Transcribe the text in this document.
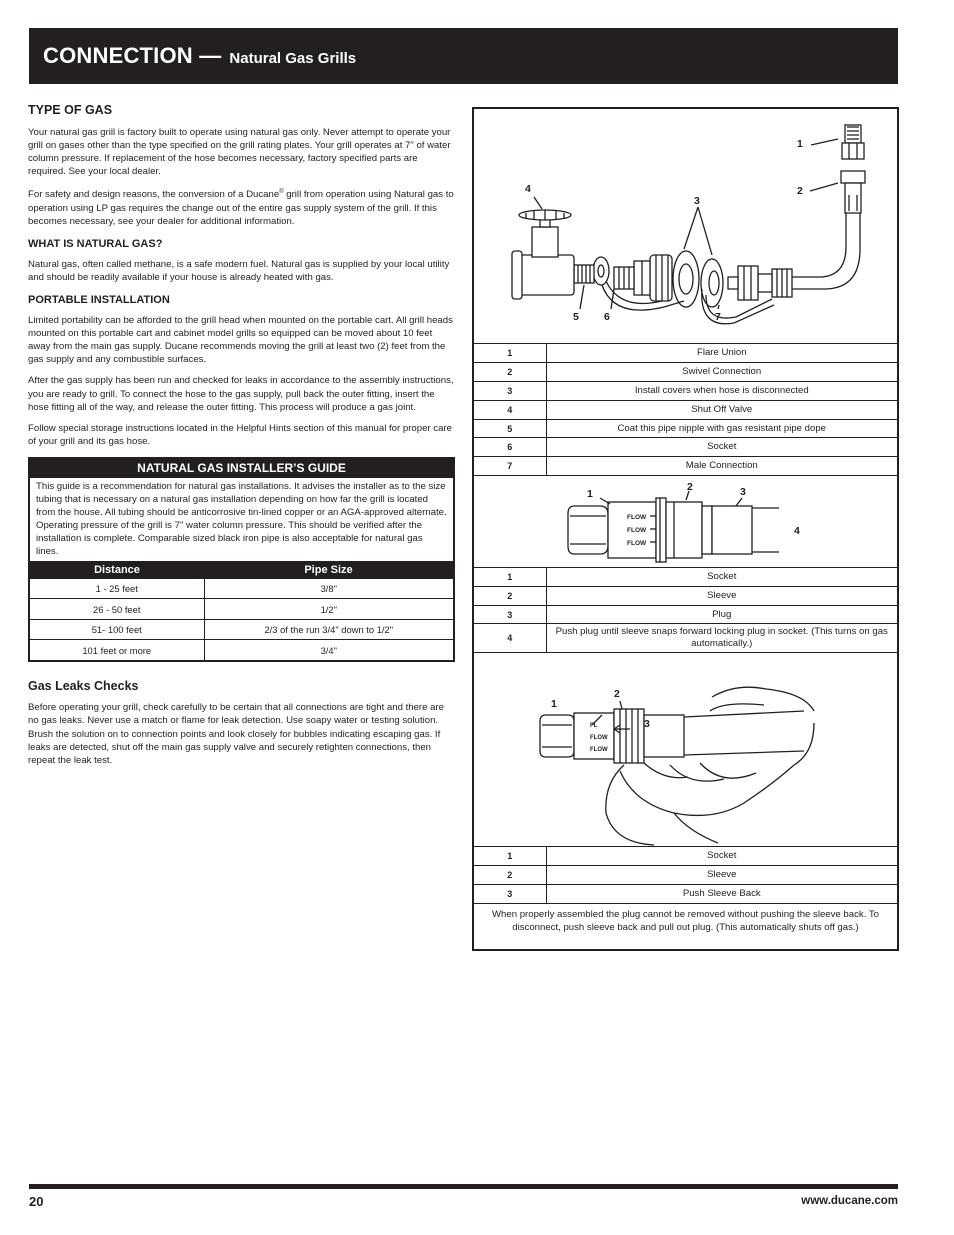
CONNECTION — Natural Gas Grills
TYPE OF GAS

Your natural gas grill is factory built to operate using natural gas only. Never attempt to operate your grill on gases other than the type specified on the grill rating plates. Your grill operates at 7" of water column pressure. If replacement of the hose becomes necessary, factory specified parts are required. See your local dealer.

For safety and design reasons, the conversion of a Ducane® grill from operation using Natural gas to operation using LP gas requires the change out of the entire gas supply system of the grill. If this becomes necessary, see your dealer for additional information.

WHAT IS NATURAL GAS?

Natural gas, often called methane, is a safe modern fuel. Natural gas is supplied by your local utility and should be readily available if your house is already heated with gas.

PORTABLE INSTALLATION

Limited portability can be afforded to the grill head when mounted on the portable cart. All grill heads mounted on this portable cart and cabinet model grills so equipped can be moved about 10 feet away from the main gas supply. Ducane recommends moving the grill at least two (2) feet from the gas supply and any combustible surfaces.

After the gas supply has been run and checked for leaks in accordance to the assembly instructions, you are ready to grill. To connect the hose to the gas supply, pull back the outer fitting, insert the hose fitting all of the way, and release the outer fitting. This process will produce a gas joint.

Follow special storage instructions located in the Helpful Hints section of this manual for proper care of your grill and its gas hose.

NATURAL GAS INSTALLER’S GUIDE
This guide is a recommendation for natural gas installations. It advises the installer as to the size tubing that is necessary on a natural gas installation depending on how far the grill is located from the house. All tubing should be anticorrosive tin-lined copper or an AGA-approved alternate. Operating pressure of the grill is 7" water column pressure. This should be verified after the installation is complete. Comparable sized black iron pipe is also acceptable for natural gas lines.
Distance	Pipe Size
1 - 25 feet	3/8"
26 - 50 feet	1/2"
51- 100 feet	2/3 of the run 3/4" down to 1/2"
101 feet or more	3/4"
Gas Leaks Checks

Before operating your grill, check carefully to be certain that all connections are tight and there are no gas leaks. Never use a match or flame for leak detection. Use soapy water or testing solution. Brush the solution on to connection points and look closely for bubbles indicating escaping gas. If leaks are detected, shut off the main gas supply valve and securely retighten connections, then repeat the leak test.

1
2
3
4
5 6	7
1	Flare Union
2	Swivel Connection
3	Install covers when hose is disconnected
4	Shut Off Valve
5	Coat this pipe nipple with gas resistant pipe dope
6	Socket
7	Male Connection
FLOW
FLOW
FLOW
1
2	3
4
1	Socket
2	Sleeve
3	Plug
4	Push plug until sleeve snaps forward locking plug in socket. (This turns on gas automatically.)
FL
FLOW
FLOW
1
2
3
1	Socket
2	Sleeve
3	Push Sleeve Back
When properly assembled the plug cannot be removed without pushing the sleeve back. To disconnect, push sleeve back and pull out plug. (This automatically shuts off gas.)
20	www.ducane.com
